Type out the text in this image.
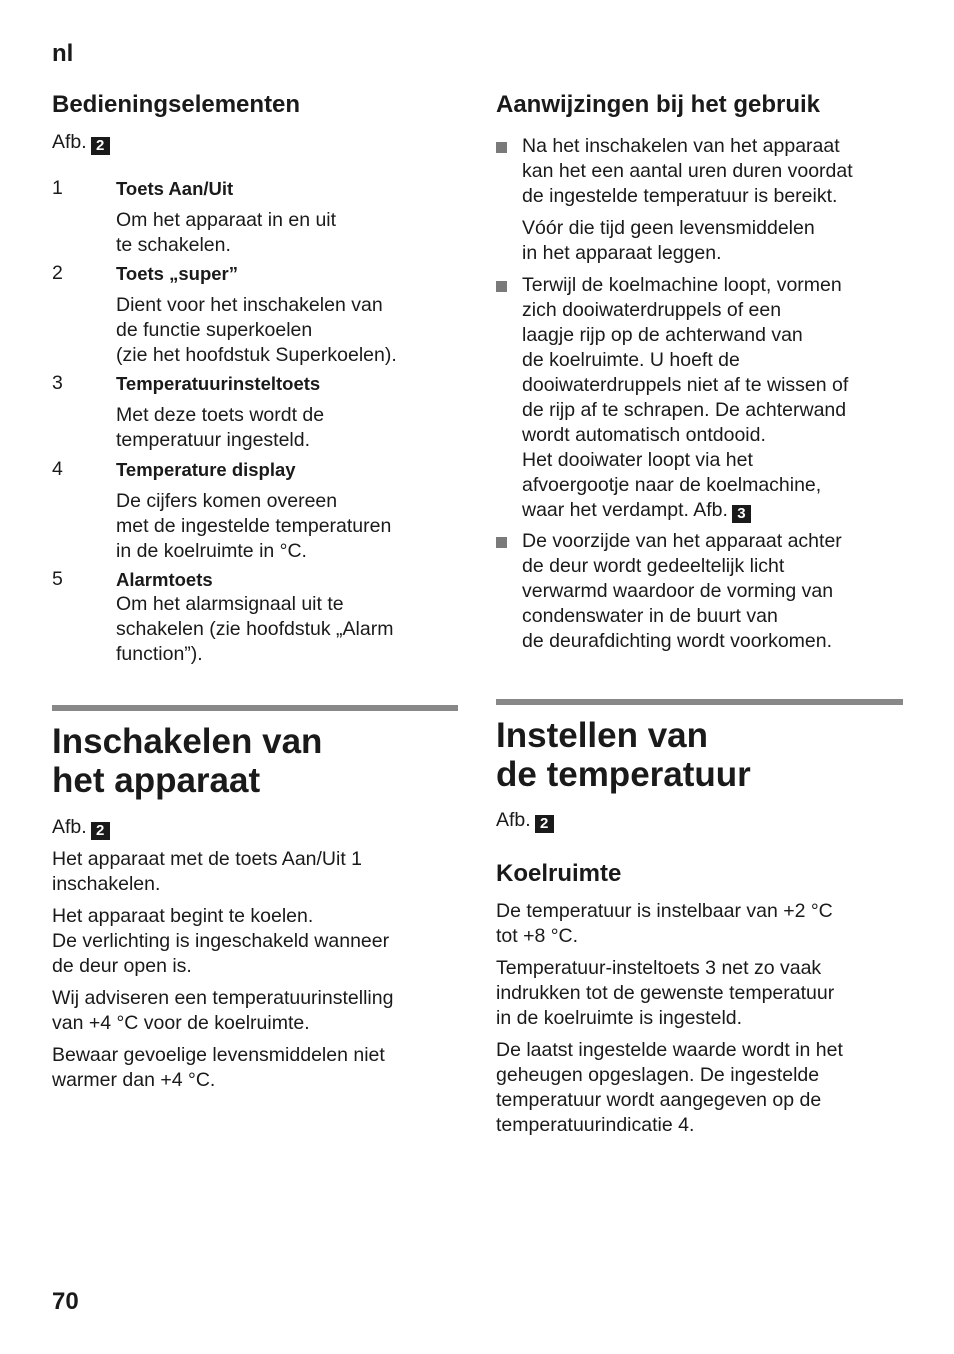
nl
Bedieningselementen
Afb. 2
1	Toets Aan/Uit
Om het apparaat in en uit
te schakelen.
2	Toets „super”
Dient voor het inschakelen van
de functie superkoelen
(zie het hoofdstuk Superkoelen).
3	Temperatuurinsteltoets
Met deze toets wordt de
temperatuur ingesteld.
4	Temperature display
De cijfers komen overeen
met de ingestelde temperaturen
in de koelruimte in °C.
5	Alarmtoets
Om het alarmsignaal uit te
schakelen (zie hoofdstuk „Alarm
function”).
Inschakelen van
het apparaat
Afb. 2
Het apparaat met de toets Aan/Uit 1
inschakelen.
Het apparaat begint te koelen.
De verlichting is ingeschakeld wanneer
de deur open is.
Wij adviseren een temperatuurinstelling
van +4 °C voor de koelruimte.
Bewaar gevoelige levensmiddelen niet
warmer dan +4 °C.
Aanwijzingen bij het gebruik
Na het inschakelen van het apparaat
kan het een aantal uren duren voordat
de ingestelde temperatuur is bereikt.
Vóór die tijd geen levensmiddelen
in het apparaat leggen.
Terwijl de koelmachine loopt, vormen
zich dooiwaterdruppels of een
laagje rijp op de achterwand van
de koelruimte. U hoeft de
dooiwaterdruppels niet af te wissen of
de rijp af te schrapen. De achterwand
wordt automatisch ontdooid.
Het dooiwater loopt via het
afvoergootje naar de koelmachine,
waar het verdampt. Afb. 3
De voorzijde van het apparaat achter
de deur wordt gedeeltelijk licht
verwarmd waardoor de vorming van
condenswater in de buurt van
de deurafdichting wordt voorkomen.
Instellen van
de temperatuur
Afb. 2
Koelruimte
De temperatuur is instelbaar van +2 °C
tot +8 °C.
Temperatuur-insteltoets 3 net zo vaak
indrukken tot de gewenste temperatuur
in de koelruimte is ingesteld.
De laatst ingestelde waarde wordt in het
geheugen opgeslagen. De ingestelde
temperatuur wordt aangegeven op de
temperatuurindicatie 4.
70
